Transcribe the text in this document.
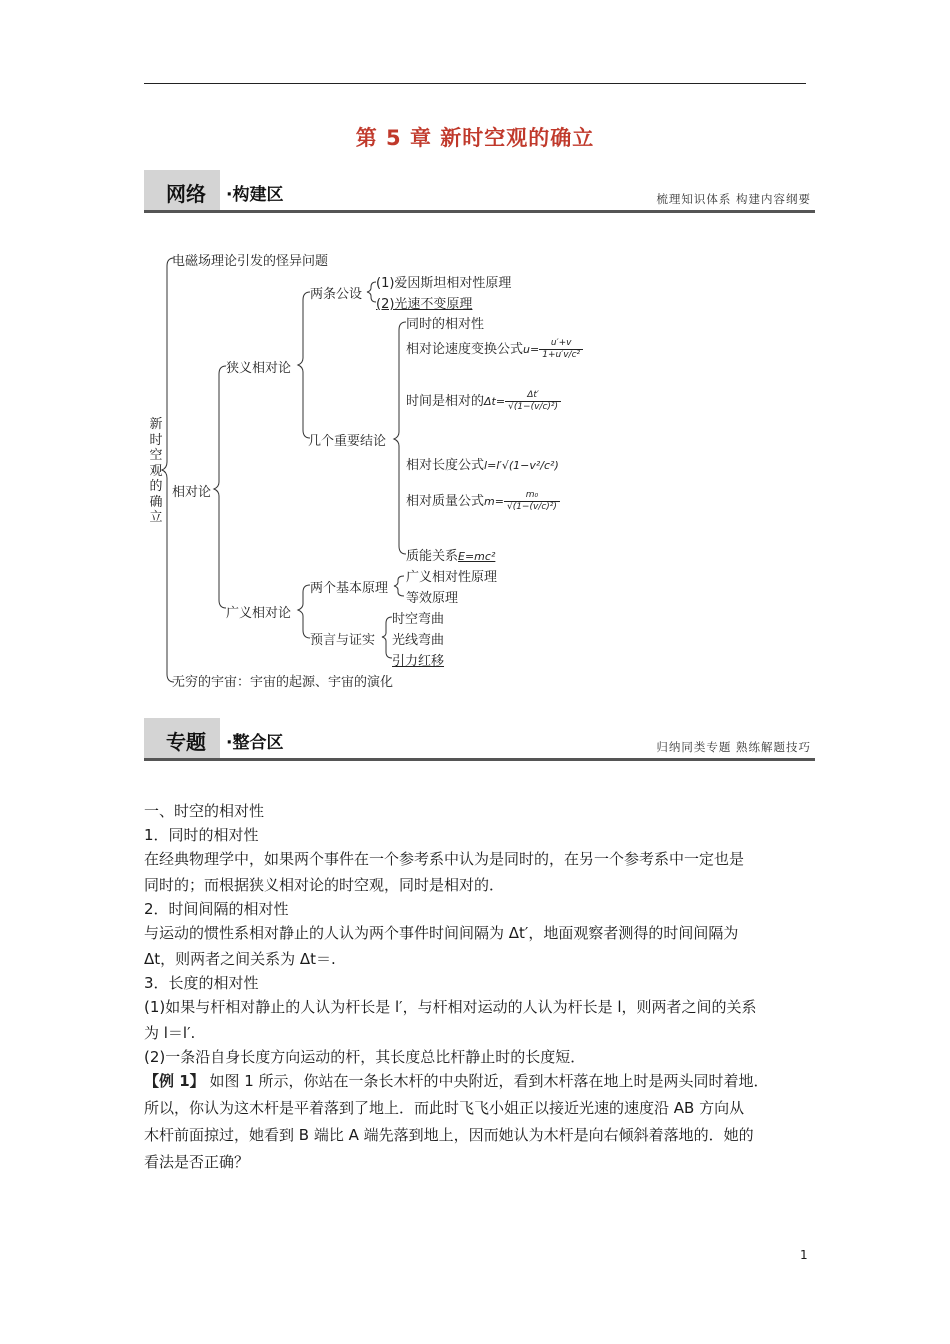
第 5 章 新时空观的确立
网络 ·构建区	梳理知识体系 构建内容纲要
新时空观的确立
电磁场理论引发的怪异问题
相对论
狭义相对论
两条公设
(1)爱因斯坦相对性原理
(2)光速不变原理
几个重要结论
同时的相对性
相对论速度变换公式$u= \frac{u'+v}{\text{1+u′v/c²}}$
时间是相对的$\Delta t= \frac{\Delta t'}{\text{√(1−(v/c)²)}}$
相对长度公式l=l′√(1−v²/c²)
相对质量公式$m= \frac{\text{m₀}}{\text{√(1−(v/c)²)}}$
质能关系E=mc²
广义相对论
两个基本原理
广义相对性原理
等效原理
预言与证实
时空弯曲
光线弯曲
引力红移
无穷的宇宙：宇宙的起源、宇宙的演化
专题 ·整合区	归纳同类专题 熟练解题技巧
一、时空的相对性
1．同时的相对性
在经典物理学中，如果两个事件在一个参考系中认为是同时的，在另一个参考系中一定也是
同时的；而根据狭义相对论的时空观，同时是相对的．
2．时间间隔的相对性
与运动的惯性系相对静止的人认为两个事件时间间隔为 Δt′，地面观察者测得的时间间隔为
Δt，则两者之间关系为 Δt＝.
3．长度的相对性
(1)如果与杆相对静止的人认为杆长是 l′，与杆相对运动的人认为杆长是 l，则两者之间的关系
为 l＝l′.
(2)一条沿自身长度方向运动的杆，其长度总比杆静止时的长度短．
【例 1】 如图 1 所示，你站在一条长木杆的中央附近，看到木杆落在地上时是两头同时着地．
所以，你认为这木杆是平着落到了地上．而此时飞飞小姐正以接近光速的速度沿 AB 方向从
木杆前面掠过，她看到 B 端比 A 端先落到地上，因而她认为木杆是向右倾斜着落地的．她的
看法是否正确？
1
